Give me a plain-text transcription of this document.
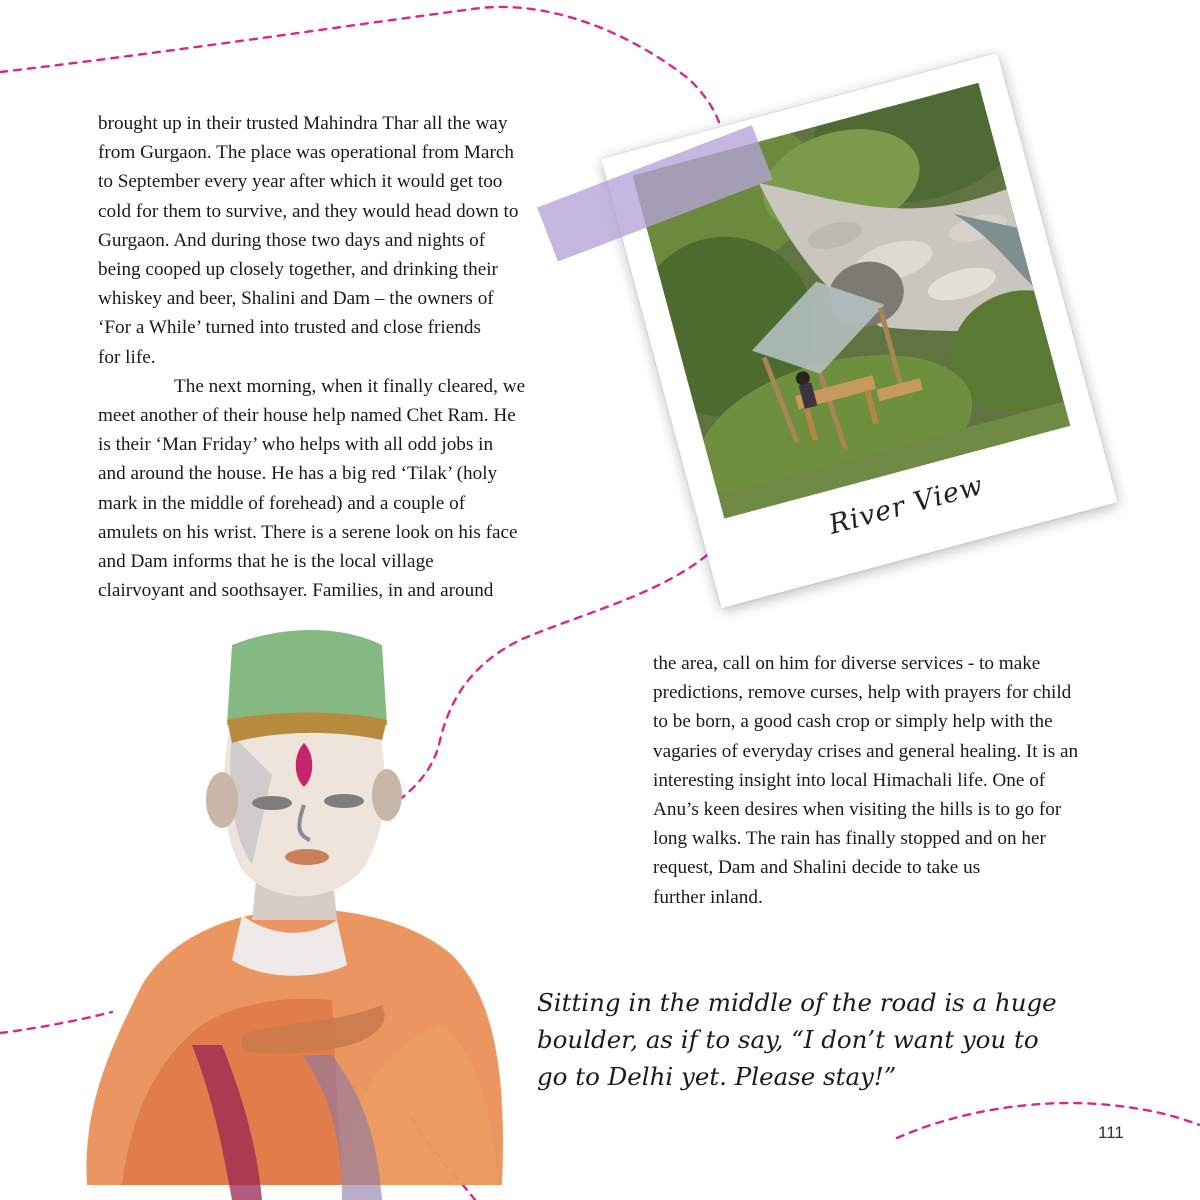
brought up in their trusted Mahindra Thar all the way
from Gurgaon. The place was operational from March
to September every year after which it would get too
cold for them to survive, and they would head down to
Gurgaon. And during those two days and nights of
being cooped up closely together, and drinking their
whiskey and beer, Shalini and Dam – the owners of
‘For a While’ turned into trusted and close friends
for life.
The next morning, when it finally cleared, we
meet another of their house help named Chet Ram. He
is their ‘Man Friday’ who helps with all odd jobs in
and around the house. He has a big red ‘Tilak’ (holy
mark in the middle of forehead) and a couple of
amulets on his wrist. There is a serene look on his face
and Dam informs that he is the local village
clairvoyant and soothsayer. Families, in and around
River View
the area, call on him for diverse services - to make
predictions, remove curses, help with prayers for child
to be born, a good cash crop or simply help with the
vagaries of everyday crises and general healing. It is an
interesting insight into local Himachali life. One of
Anu’s keen desires when visiting the hills is to go for
long walks. The rain has finally stopped and on her
request, Dam and Shalini decide to take us
further inland.
Sitting in the middle of the road is a huge
boulder, as if to say, “I don’t want you to
go to Delhi yet. Please stay!”
111
